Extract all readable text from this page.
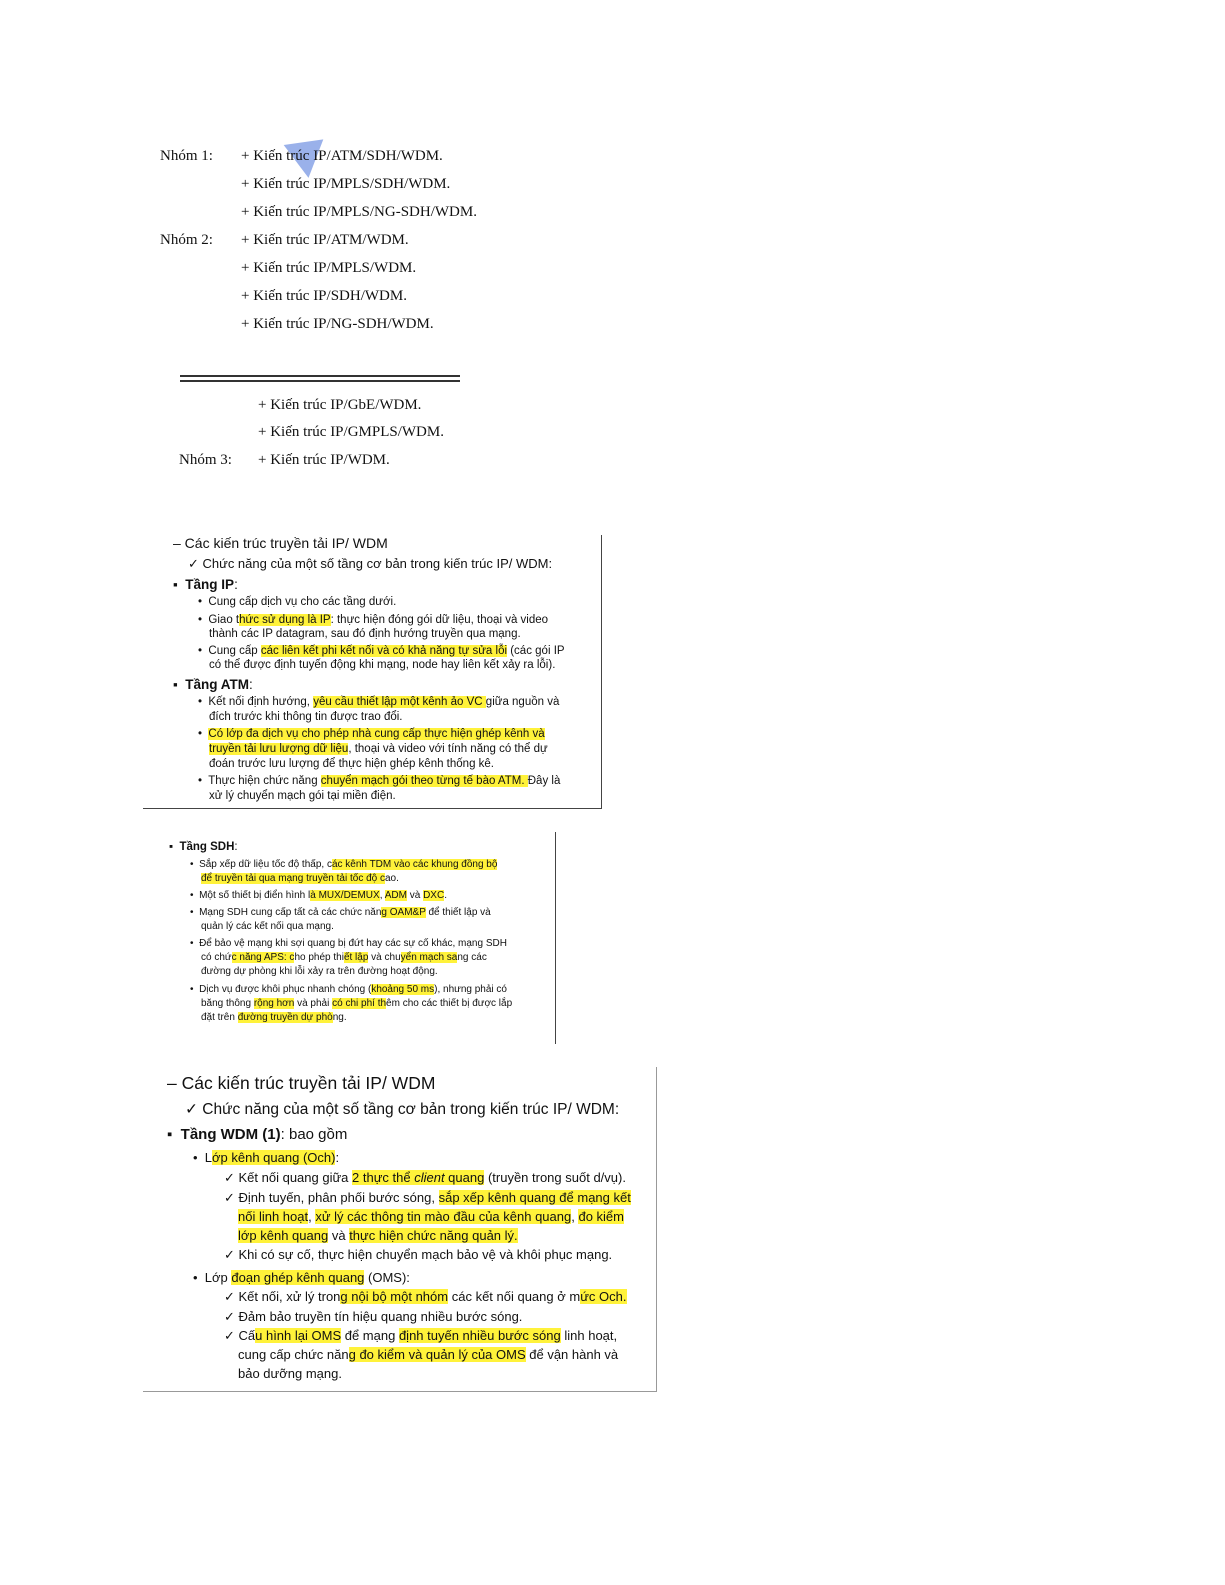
Nhóm 1: + Kiến trúc IP/ATM/SDH/WDM.
+ Kiến trúc IP/MPLS/SDH/WDM.
+ Kiến trúc IP/MPLS/NG-SDH/WDM.
Nhóm 2: + Kiến trúc IP/ATM/WDM.
+ Kiến trúc IP/MPLS/WDM.
+ Kiến trúc IP/SDH/WDM.
+ Kiến trúc IP/NG-SDH/WDM.
+ Kiến trúc IP/GbE/WDM.
+ Kiến trúc IP/GMPLS/WDM.
Nhóm 3: + Kiến trúc IP/WDM.
– Các kiến trúc truyền tải IP/ WDM
✓ Chức năng của một số tầng cơ bản trong kiến trúc IP/ WDM:
▪  Tầng IP:
•  Cung cấp dịch vụ cho các tầng dưới.
•  Giao thức sử dụng là IP: thực hiện đóng gói dữ liệu, thoại và video
thành các IP datagram, sau đó định hướng truyền qua mạng.
•  Cung cấp các liên kết phi kết nối và có khả năng tự sửa lỗi (các gói IP
có thể được định tuyến động khi mạng, node hay liên kết xảy ra lỗi).
▪  Tầng ATM:
•  Kết nối định hướng, yêu cầu thiết lập một kênh ảo VC giữa nguồn và
đích trước khi thông tin được trao đổi.
•  Có lớp đa dịch vụ cho phép nhà cung cấp thực hiện ghép kênh và
truyền tải lưu lượng dữ liệu, thoại và video với tính năng có thể dự
đoán trước lưu lượng để thực hiện ghép kênh thống kê.
•  Thực hiện chức năng chuyển mạch gói theo từng tế bào ATM. Đây là
xử lý chuyển mạch gói tại miền điện.
▪  Tầng SDH:
•  Sắp xếp dữ liệu tốc độ thấp, các kênh TDM vào các khung đồng bộ
để truyền tải qua mạng truyền tải tốc độ cao.
•  Một số thiết bị điển hình là MUX/DEMUX, ADM và DXC.
•  Mạng SDH cung cấp tất cả các chức năng OAM&P để thiết lập và
quản lý các kết nối qua mạng.
•  Để bảo vệ mạng khi sợi quang bị đứt hay các sự cố khác, mạng SDH
có chức năng APS: cho phép thiết lập và chuyển mạch sang các
đường dự phòng khi lỗi xảy ra trên đường hoạt động.
•  Dịch vụ được khôi phục nhanh chóng (khoảng 50 ms), nhưng phải có
băng thông rộng hơn và phải có chi phí thêm cho các thiết bị được lắp
đặt trên đường truyền dự phòng.
– Các kiến trúc truyền tải IP/ WDM
✓ Chức năng của một số tầng cơ bản trong kiến trúc IP/ WDM:
▪  Tầng WDM (1): bao gồm
•  Lớp kênh quang (Och):
✓ Kết nối quang giữa 2 thực thể client quang (truyền trong suốt d/vụ).
✓ Định tuyến, phân phối bước sóng, sắp xếp kênh quang để mạng kết
nối linh hoạt, xử lý các thông tin mào đầu của kênh quang, đo kiểm
lớp kênh quang và thực hiện chức năng quản lý.
✓ Khi có sự cố, thực hiện chuyển mạch bảo vệ và khôi phục mạng.
•  Lớp đoạn ghép kênh quang (OMS):
✓ Kết nối, xử lý trong nội bộ một nhóm các kết nối quang ở mức Och.
✓ Đảm bảo truyền tín hiệu quang nhiều bước sóng.
✓ Cấu hình lại OMS để mạng định tuyến nhiều bước sóng linh hoạt,
cung cấp chức năng đo kiểm và quản lý của OMS để vận hành và
bảo dưỡng mạng.
